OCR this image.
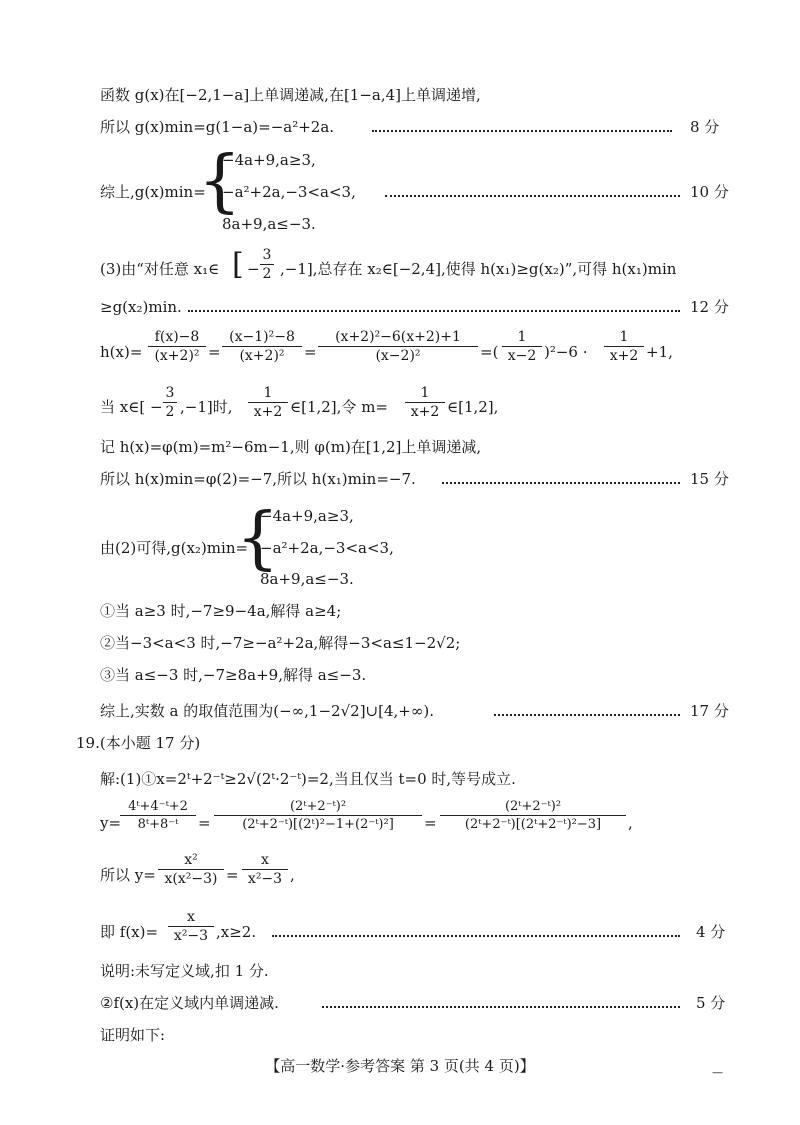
函数 g(x)在[−2,1−a]上单调递减,在[1−a,4]上单调递增,
所以 g(x)min=g(1−a)=−a²+2a.	8 分
综上,g(x)min=
{
−4a+9,a≥3,
−a²+2a,−3<a<3,
8a+9,a≤−3.
10 分
(3)由“对任意 x₁∈ [ −
3
2 ,−1],总存在 x₂∈[−2,4],使得 h(x₁)≥g(x₂)”,可得 h(x₁)min
≥g(x₂)min.	12 分
h(x)=
f(x)−8
(x+2)² =
(x−1)²−8
(x+2)²	=
(x+2)²−6(x+2)+1
(x−2)²	=(
1
x−2 )²−6 ·
1
x+2 +1,
当 x∈[ −
3
2 ,−1]时,
1
x+2 ∈[1,2],令 m=
1
x+2 ∈[1,2],
记 h(x)=φ(m)=m²−6m−1,则 φ(m)在[1,2]上单调递减,
所以 h(x)min=φ(2)=−7,所以 h(x₁)min=−7.	15 分
由(2)可得,g(x₂)min=
{
−4a+9,a≥3,
−a²+2a,−3<a<3,
8a+9,a≤−3.
①当 a≥3 时,−7≥9−4a,解得 a≥4;
②当−3<a<3 时,−7≥−a²+2a,解得−3<a≤1−2√2;
③当 a≤−3 时,−7≥8a+9,解得 a≤−3.
综上,实数 a 的取值范围为(−∞,1−2√2]∪[4,+∞).	17 分
19.(本小题 17 分)
解:(1)①x=2ᵗ+2⁻ᵗ≥2√(2ᵗ·2⁻ᵗ)=2,当且仅当 t=0 时,等号成立.
y=
4ᵗ+4⁻ᵗ+2
8ᵗ+8⁻ᵗ	=
(2ᵗ+2⁻ᵗ)²
(2ᵗ+2⁻ᵗ)[(2ᵗ)²−1+(2⁻ᵗ)²]	=
(2ᵗ+2⁻ᵗ)²
(2ᵗ+2⁻ᵗ)[(2ᵗ+2⁻ᵗ)²−3]	,
所以 y=
x²
x(x²−3) =
x
x²−3 ,
即 f(x)=
x
x²−3 ,x≥2.	4 分
说明:未写定义域,扣 1 分.
②f(x)在定义域内单调递减.	5 分
证明如下:
【高一数学·参考答案 第 3 页(共 4 页)】	—
